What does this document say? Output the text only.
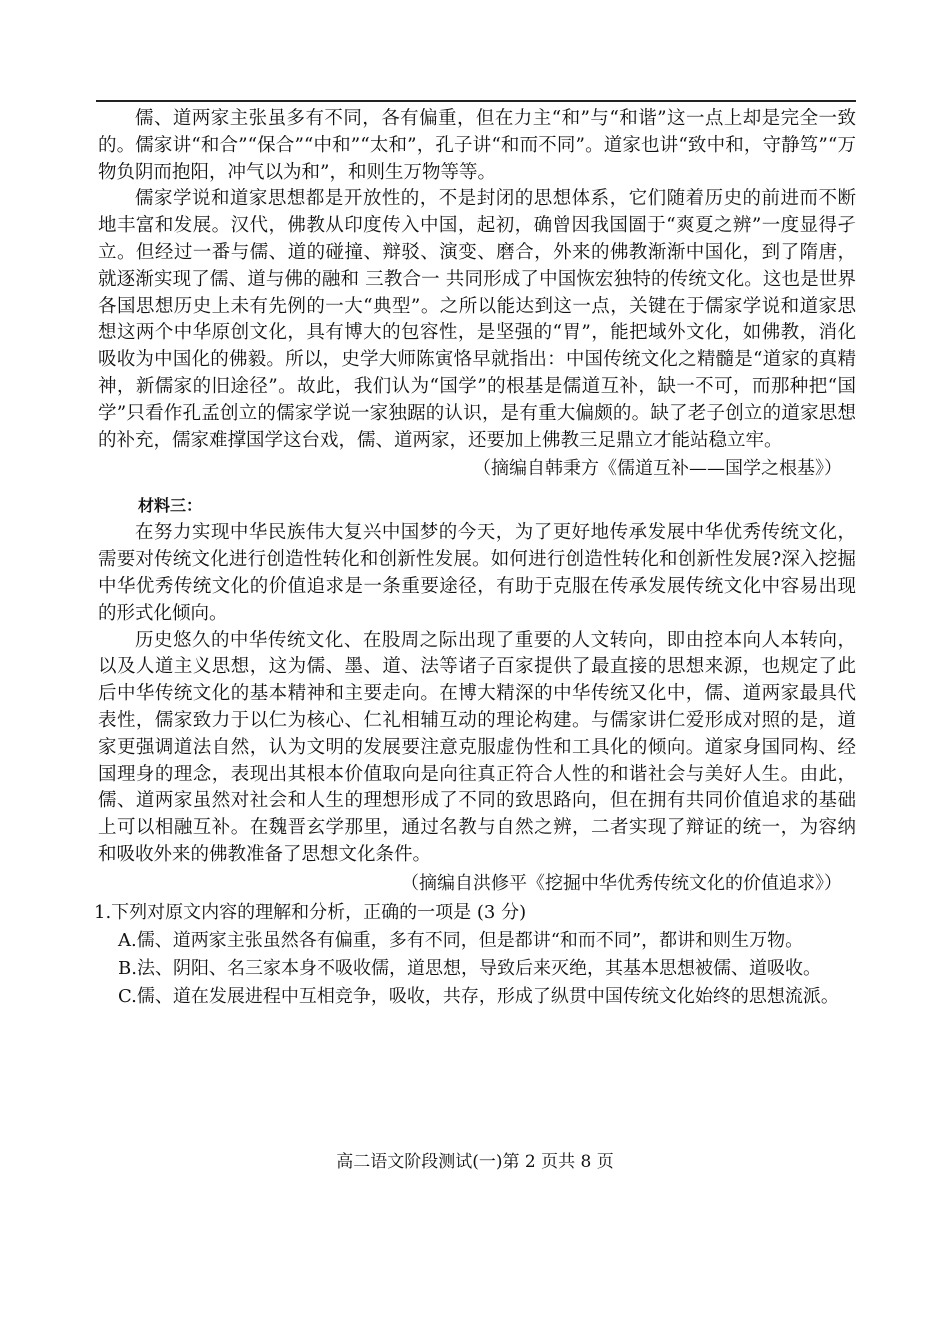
儒、道两家主张虽多有不同，各有偏重，但在力主“和”与“和谐”这一点上却是完全一致的。儒家讲“和合”“保合”“中和”“太和”，孔子讲“和而不同”。道家也讲“致中和，守静笃”“万物负阴而抱阳，冲气以为和”，和则生万物等等。

儒家学说和道家思想都是开放性的，不是封闭的思想体系，它们随着历史的前进而不断地丰富和发展。汉代，佛教从印度传入中国，起初，确曾因我国圄于“爽夏之辨”一度显得孑立。但经过一番与儒、道的碰撞、辩驳、演变、磨合，外来的佛教渐渐中国化，到了隋唐，就逐渐实现了儒、道与佛的融和 三教合一 共同形成了中国恢宏独特的传统文化。这也是世界各国思想历史上未有先例的一大“典型”。之所以能达到这一点，关键在于儒家学说和道家思想这两个中华原创文化，具有博大的包容性，是坚强的“胃”，能把域外文化，如佛教，消化吸收为中国化的佛毅。所以，史学大师陈寅恪早就指出：中国传统文化之精髓是“道家的真精神，新儒家的旧途径”。故此，我们认为“国学”的根基是儒道互补，缺一不可，而那种把“国学”只看作孔孟创立的儒家学说一家独踞的认识，是有重大偏颇的。缺了老子创立的道家思想的补充，儒家难撑国学这台戏，儒、道两家，还要加上佛教三足鼎立才能站稳立牢。

（摘编自韩秉方《儒道互补——国学之根基》）

材料三：

在努力实现中华民族伟大复兴中国梦的今天，为了更好地传承发展中华优秀传统文化，需要对传统文化进行创造性转化和创新性发展。如何进行创造性转化和创新性发展?深入挖掘中华优秀传统文化的价值追求是一条重要途径，有助于克服在传承发展传统文化中容易出现的形式化倾向。

历史悠久的中华传统文化、在股周之际出现了重要的人文转向，即由控本向人本转向，以及人道主义思想，这为儒、墨、道、法等诸子百家提供了最直接的思想来源，也规定了此后中华传统文化的基本精神和主要走向。在博大精深的中华传统又化中，儒、道两家最具代表性，儒家致力于以仁为核心、仁礼相辅互动的理论构建。与儒家讲仁爱形成对照的是，道家更强调道法自然，认为文明的发展要注意克服虚伪性和工具化的倾向。道家身国同构、经国理身的理念，表现出其根本价值取向是向往真正符合人性的和谐社会与美好人生。由此，儒、道两家虽然对社会和人生的理想形成了不同的致思路向，但在拥有共同价值追求的基础上可以相融互补。在魏晋玄学那里，通过名教与自然之辨，二者实现了辩证的统一，为容纳和吸收外来的佛教准备了思想文化条件。

（摘编自洪修平《挖掘中华优秀传统文化的价值追求》）

1.下列对原文内容的理解和分析，正确的一项是 (3 分)

A.儒、道两家主张虽然各有偏重，多有不同，但是都讲“和而不同”，都讲和则生万物。

B.法、阴阳、名三家本身不吸收儒，道思想，导致后来灭绝，其基本思想被儒、道吸收。

C.儒、道在发展进程中互相竞争，吸收，共存，形成了纵贯中国传统文化始终的思想流派。

高二语文阶段测试(一)第 2 页共 8 页
